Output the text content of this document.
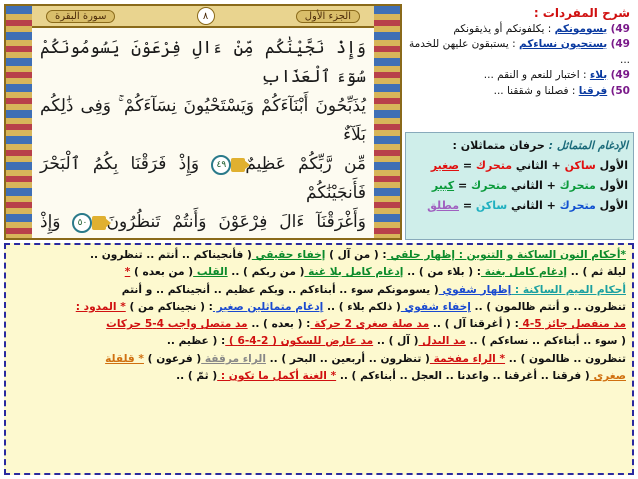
الجزء الأول
٨
سورة البقرة
وَإِذْ نَجَّيْنَٰكُم مِّنْ ءَالِ فِرْعَوْنَ يَسُومُونَكُمْ سُوٓءَ ٱلْعَذَابِ
يُذَبِّحُونَ أَبْنَآءَكُمْ وَيَسْتَحْيُونَ نِسَآءَكُمْ ۚ وَفِى ذَٰلِكُم بَلَآءٌ
مِّن رَّبِّكُمْ عَظِيمٌ٤٩ وَإِذْ فَرَقْنَا بِكُمُ ٱلْبَحْرَ فَأَنجَيْنَٰكُمْ
وَأَغْرَقْنَآ ءَالَ فِرْعَوْنَ وَأَنتُمْ تَنظُرُونَ٥٠ وَإِذْ
شرح المفردات :
49) يسومونكم : يكلفونكم أو يذيقونكم
49) يستحيون نساءكم : يستبقون عليهن للخدمة ...
49) بلاء : اختبار للنعم و النقم ...
50) فرقنا : فصلنا و شققنا ...
الإدغام المتماثل : حرفان متماثلان :
الأول ساكن + الثاني متحرك = صغير
الأول متحرك + الثاني متحرك = كبير
الأول متحرك + الثاني ساكن = مطلق
*أحكام النون الساكنة و التنوين : إظهار حلقي : ( من آل ) إخفاء حقيقي ( فأنجيناكم .. أنتم .. تنظرون ..
ليلة ثم ) .. إدغام كامل بغنة : ( بلاء من ) .. إدغام كامل بلا غنة ( من ربكم ) .. القلب ( من بعده ) *
أحكام الميم الساكنة : إظهار شفوي ( يسومونكم سوء .. أبناءكم .. وبكم عظيم .. أنجيناكم .. و أنتم
تنظرون .. و أنتم ظالمون ) .. إخفاء شفوي ( ذلكم بلاء ) .. إدغام متماثلين صغير : ( نجيناكم من ) * المدود :
مد منفصل جائز 5-4 : ( أغرقنا آل ) .. مد صلة صغرى 2 حركة : ( بعده ) .. مد متصل واجب 4-5 حركات
( سوء .. أبناءكم .. نساءكم ) .. مد البدل ( آل ) .. مد عارض للسكون ( 2-4-6 ) : ( عظيم ..
تنظرون .. ظالمون ) .. * الراء مفخمة ( تنظرون .. أربعين .. البحر ) .. الراء مرققة ( فرعون ) * قلقلة
صغرى ( فرقنا .. أغرقنا .. واعدنا .. العجل .. أبناءكم ) .. * الغنة أكمل ما تكون : ( ثمّ ) ..
